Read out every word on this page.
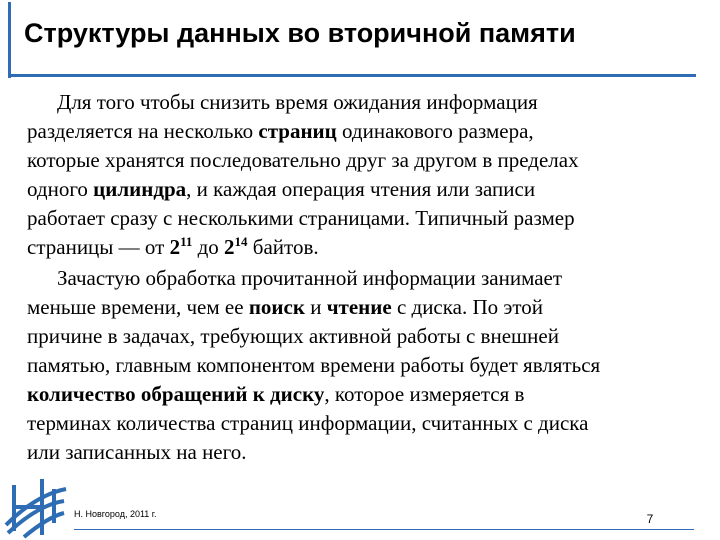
Структуры данных во вторичной памяти

Для того чтобы снизить время ожидания информация
разделяется на несколько страниц одинакового размера,
которые хранятся последовательно друг за другом в пределах
одного цилиндра, и каждая операция чтения или записи
работает сразу с несколькими страницами. Типичный размер
страницы — от $2^{11}$ до $2^{14}$ байтов.

Зачастую обработка прочитанной информации занимает
меньше времени, чем ее поиск и чтение с диска. По этой
причине в задачах, требующих активной работы с внешней
памятью, главным компонентом времени работы будет являться
количество обращений к диску, которое измеряется в
терминах количества страниц информации, считанных с диска
или записанных на него.

Н. Новгород, 2011 г.	7
